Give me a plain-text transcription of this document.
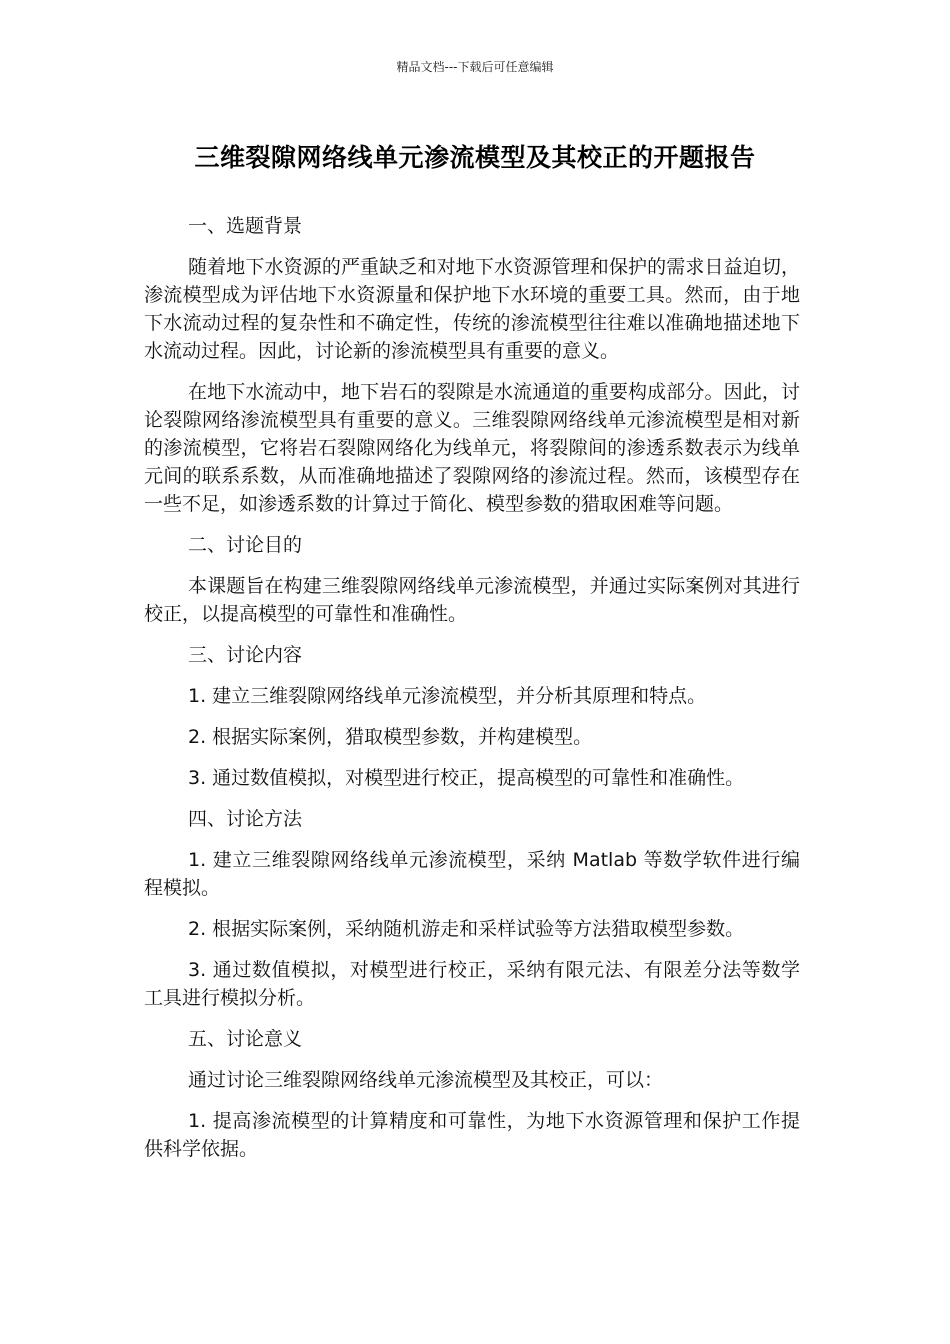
精品文档---下载后可任意编辑
三维裂隙网络线单元渗流模型及其校正的开题报告

一、选题背景

随着地下水资源的严重缺乏和对地下水资源管理和保护的需求日益迫切，渗流模型成为评估地下水资源量和保护地下水环境的重要工具。然而，由于地下水流动过程的复杂性和不确定性，传统的渗流模型往往难以准确地描述地下水流动过程。因此，讨论新的渗流模型具有重要的意义。

在地下水流动中，地下岩石的裂隙是水流通道的重要构成部分。因此，讨论裂隙网络渗流模型具有重要的意义。三维裂隙网络线单元渗流模型是相对新的渗流模型，它将岩石裂隙网络化为线单元，将裂隙间的渗透系数表示为线单元间的联系系数，从而准确地描述了裂隙网络的渗流过程。然而，该模型存在一些不足，如渗透系数的计算过于简化、模型参数的猎取困难等问题。

二、讨论目的

本课题旨在构建三维裂隙网络线单元渗流模型，并通过实际案例对其进行校正，以提高模型的可靠性和准确性。

三、讨论内容

1. 建立三维裂隙网络线单元渗流模型，并分析其原理和特点。

2. 根据实际案例，猎取模型参数，并构建模型。

3. 通过数值模拟，对模型进行校正，提高模型的可靠性和准确性。

四、讨论方法

1. 建立三维裂隙网络线单元渗流模型，采纳 Matlab 等数学软件进行编程模拟。

2. 根据实际案例，采纳随机游走和采样试验等方法猎取模型参数。

3. 通过数值模拟，对模型进行校正，采纳有限元法、有限差分法等数学工具进行模拟分析。

五、讨论意义

通过讨论三维裂隙网络线单元渗流模型及其校正，可以：

1. 提高渗流模型的计算精度和可靠性，为地下水资源管理和保护工作提供科学依据。
